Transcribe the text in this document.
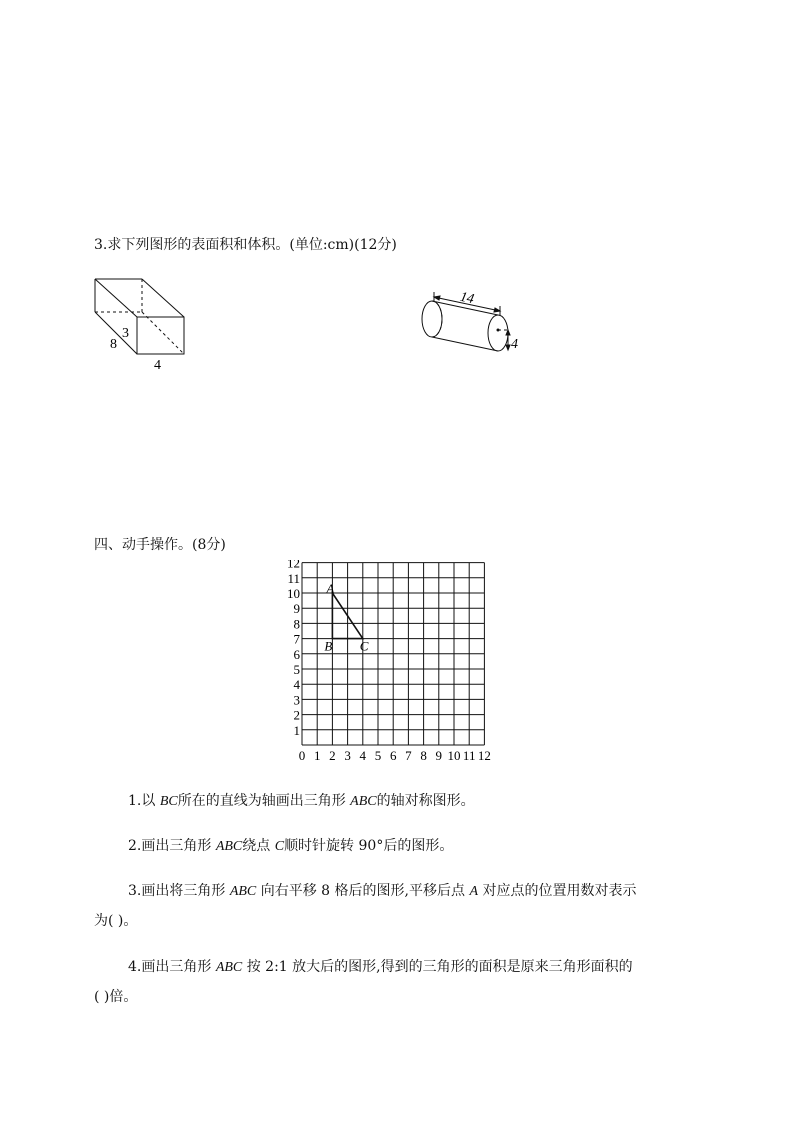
3.求下列图形的表面积和体积。(单位:cm)(12分)
3
8
4
14
4
四、动手操作。(8分)
0 1 2 3 4 5 6 7 8 9 10 11 12
1
2
3
4
5
6
7
8
9
10
11
12
A
B C
1.以 BC所在的直线为轴画出三角形 ABC的轴对称图形。
2.画出三角形 ABC绕点 C顺时针旋转 90°后的图形。
3.画出将三角形 ABC 向右平移 8 格后的图形,平移后点 A 对应点的位置用数对表示
为( )。
4.画出三角形 ABC 按 2:1 放大后的图形,得到的三角形的面积是原来三角形面积的
( )倍。
